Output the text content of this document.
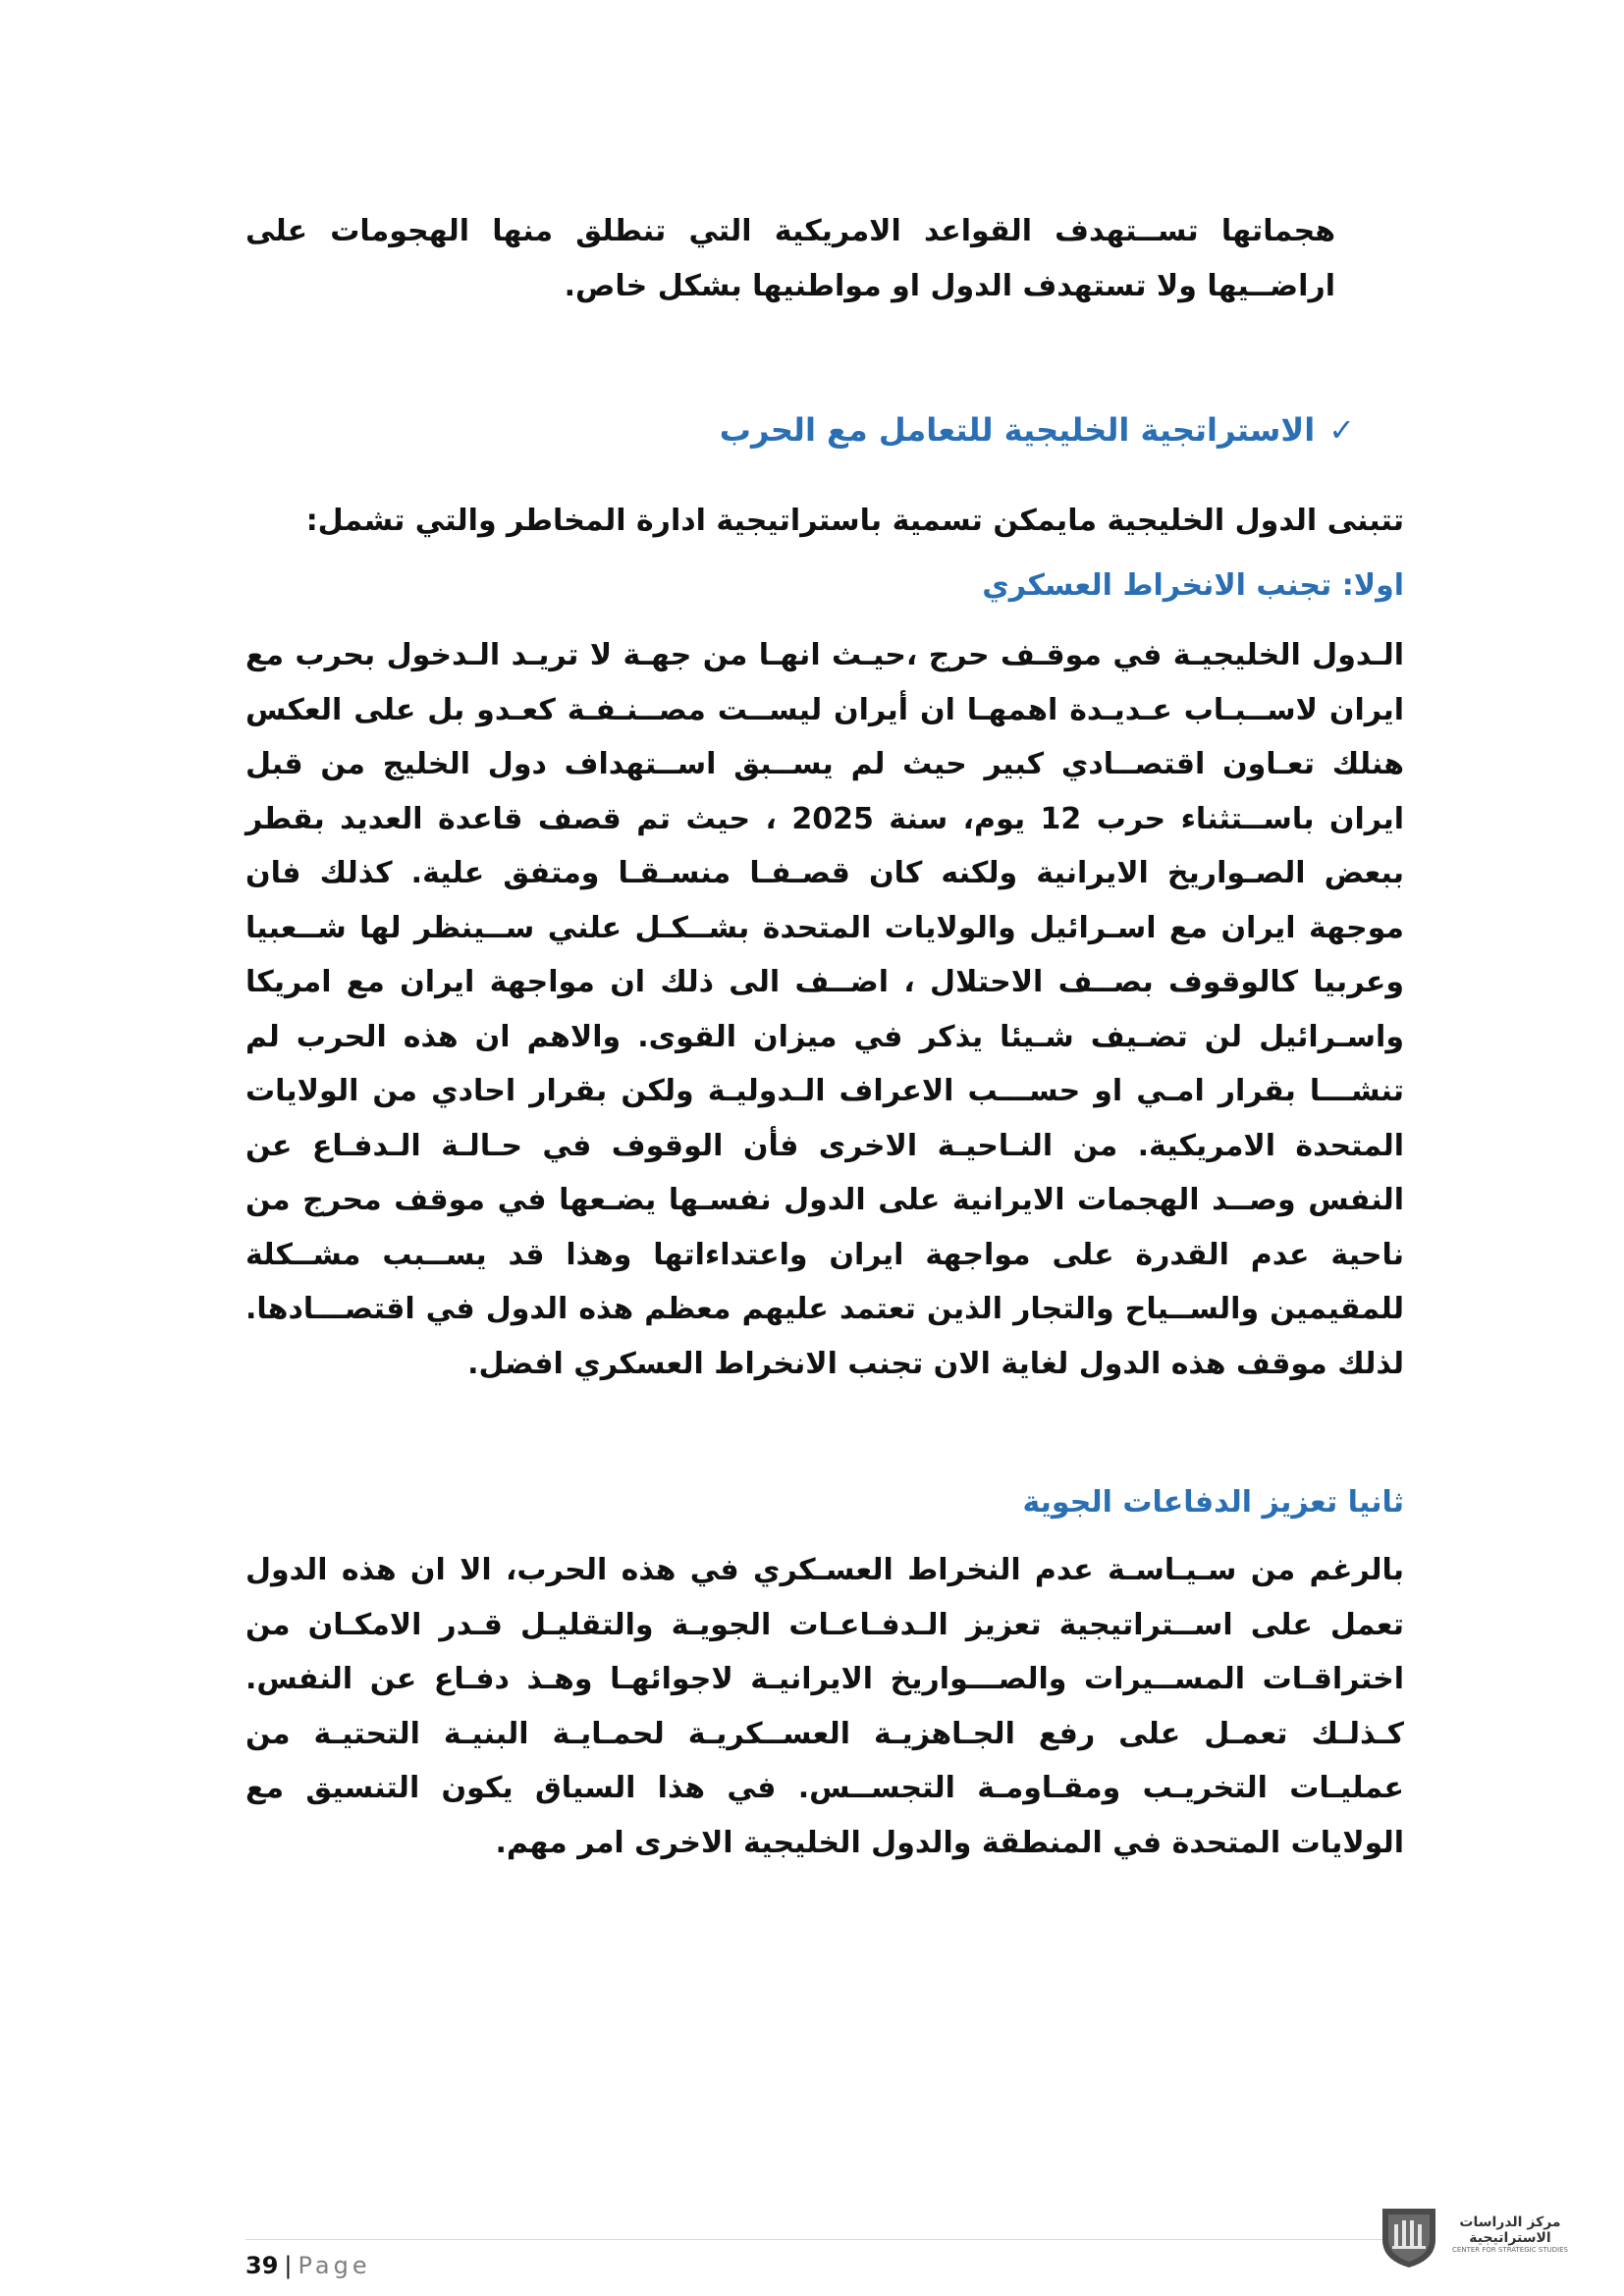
هجماتها تســتهدف القواعد الامريكية التي تنطلق منها الهجومات على اراضــيها ولا تستهدف الدول او مواطنيها بشكل خاص.

✓الاستراتجية الخليجية للتعامل مع الحرب
تتبنى الدول الخليجية مايمكن تسمية باستراتيجية ادارة المخاطر والتي تشمل:
اولا: تجنب الانخراط العسكري

الـدول الخليجيـة في موقـف حرج ،حيـث انهـا من جهـة لا تريـد الـدخول بحرب مع ايران لاســبـاب عـديـدة اهمهـا ان أيران ليســت مصــنـفـة كعـدو بل على العكس هنلك تعـاون اقتصــادي كبير حيث لم يســبق اســتهداف دول الخليج من قبل ايران باســتثناء حرب 12 يوم، سنة 2025 ، حيث تم قصف قاعدة العديد بقطر ببعض الصـواريخ الايرانية ولكنه كان قصـفـا منسـقـا ومتفق علية. كذلك فان موجهة ايران مع اسـرائيل والولايات المتحدة بشــكـل علني ســينظر لها شــعبيا وعربيا كالوقوف بصــف الاحتلال ، اضــف الى ذلك ان مواجهة ايران مع امريكا واسـرائيل لن تضـيف شـيئا يذكر في ميزان القوى. والاهم ان هذه الحرب لم تنشـــا بقرار امـي او حســـب الاعراف الـدوليـة ولكن بقرار احادي من الولايات المتحدة الامريكية. من النـاحيـة الاخرى فأن الوقوف في حـالـة الـدفـاع عن النفس وصــد الهجمات الايرانية على الدول نفسـها يضـعها في موقف محرج من ناحية عدم القدرة على مواجهة ايران واعتداءاتها وهذا قد يســبب مشــكلة للمقيمين والســياح والتجار الذين تعتمد عليهم معظم هذه الدول في اقتصـــادها. لذلك موقف هذه الدول لغاية الان تجنب الانخراط العسكري افضل.

ثانيا تعزيز الدفاعات الجوية

بالرغم من سـيـاسـة عدم النخراط العسـكري في هذه الحرب، الا ان هذه الدول تعمل على اســتراتيجية تعزيز الـدفـاعـات الجويـة والتقليـل قـدر الامكـان من اختراقـات المســيرات والصـــواريخ الايرانيـة لاجوائهـا وهـذ دفـاع عن النفس. كـذلـك تعمـل على رفع الجـاهزيـة العســكريـة لحمـايـة البنيـة التحتيـة من عمليـات التخريـب ومقـاومـة التجســس. في هذا السياق يكون التنسيق مع الولايات المتحدة في المنطقة والدول الخليجية الاخرى امر مهم.

39 | Page
مركز الدراسات
الاستراتيجية
CENTER FOR STRATEGIC STUDIES
